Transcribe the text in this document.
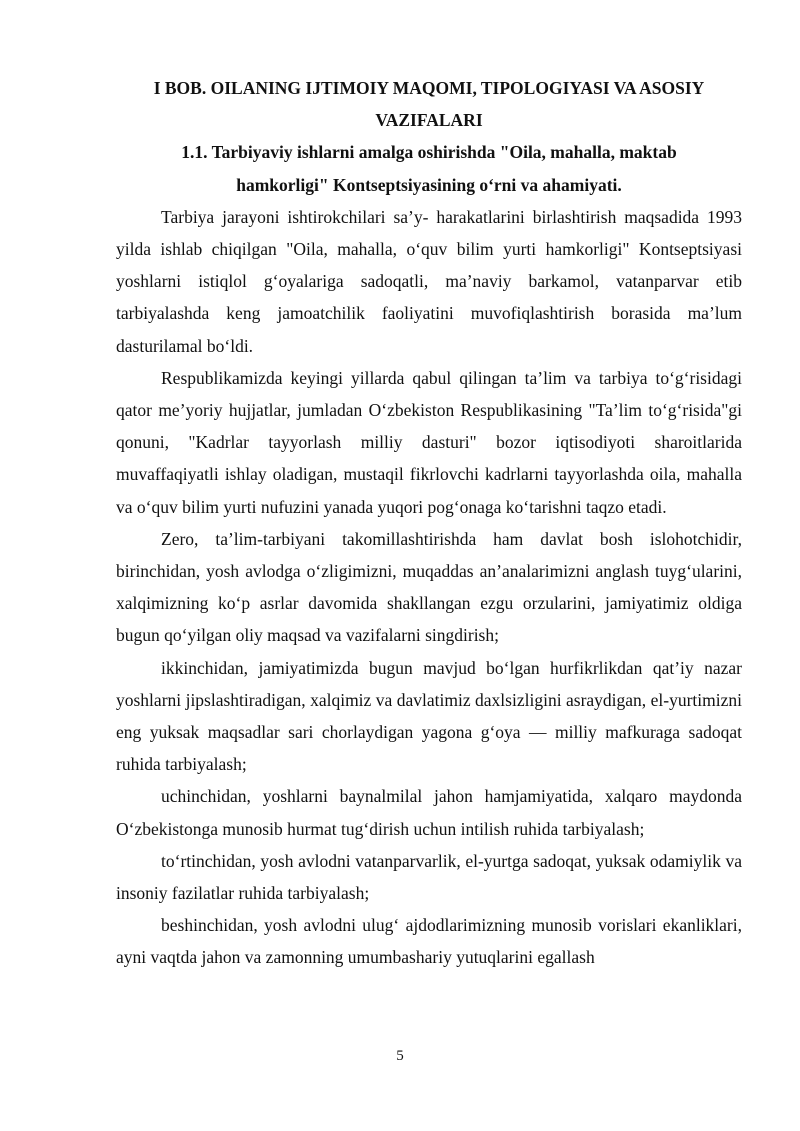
I BOB. OILANING IJTIMOIY MAQOMI, TIPOLOGIYASI VA ASOSIY VAZIFALARI
1.1. Tarbiyaviy ishlarni amalga oshirishda "Oila, mahalla, maktab hamkorligi" Kontseptsiyasining o‘rni va ahamiyati.

Tarbiya jarayoni ishtirokchilari sa’y- harakatlarini birlashtirish maqsadida 1993 yilda ishlab chiqilgan "Oila, mahalla, o‘quv bilim yurti hamkorligi" Kontseptsiyasi yoshlarni istiqlol g‘oyalariga sadoqatli, ma’naviy barkamol, vatanparvar etib tarbiyalashda keng jamoatchilik faoliyatini muvofiqlashtirish borasida ma’lum dasturilamal bo‘ldi.

Respublikamizda keyingi yillarda qabul qilingan ta’lim va tarbiya to‘g‘risidagi qator me’yoriy hujjatlar, jumladan O‘zbekiston Respublikasining "Ta’lim to‘g‘risida"gi qonuni, "Kadrlar tayyorlash milliy dasturi" bozor iqtisodiyoti sharoitlarida muvaffaqiyatli ishlay oladigan, mustaqil fikrlovchi kadrlarni tayyorlashda oila, mahalla va o‘quv bilim yurti nufuzini yanada yuqori pog‘onaga ko‘tarishni taqzo etadi.

Zero, ta’lim-tarbiyani takomillashtirishda ham davlat bosh islohotchidir, birinchidan, yosh avlodga o‘zligimizni, muqaddas an’analarimizni anglash tuyg‘ularini, xalqimizning ko‘p asrlar davomida shakllangan ezgu orzularini, jamiyatimiz oldiga bugun qo‘yilgan oliy maqsad va vazifalarni singdirish;

ikkinchidan, jamiyatimizda bugun mavjud bo‘lgan hurfikrlikdan qat’iy nazar yoshlarni jipslashtiradigan, xalqimiz va davlatimiz daxlsizligini asraydigan, el-yurtimizni eng yuksak maqsadlar sari chorlaydigan yagona g‘oya — milliy mafkuraga sadoqat ruhida tarbiyalash;

uchinchidan, yoshlarni baynalmilal jahon hamjamiyatida, xalqaro maydonda O‘zbekistonga munosib hurmat tug‘dirish uchun intilish ruhida tarbiyalash;

to‘rtinchidan, yosh avlodni vatanparvarlik, el-yurtga sadoqat, yuksak odamiylik va insoniy fazilatlar ruhida tarbiyalash;

beshinchidan, yosh avlodni ulug‘ ajdodlarimizning munosib vorislari ekanliklari, ayni vaqtda jahon va zamonning umumbashariy yutuqlarini egallash

5
